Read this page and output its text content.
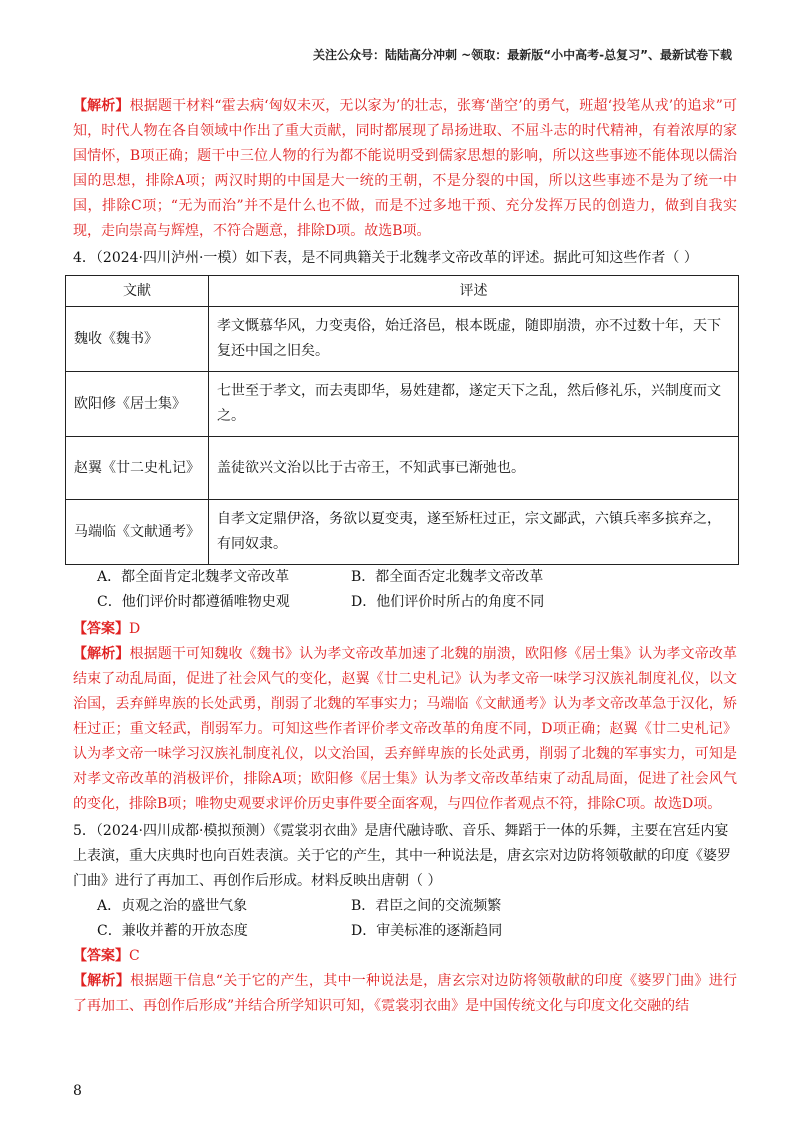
关注公众号：陆陆高分冲刺 ~领取：最新版“小中高考-总复习”、最新试卷下载

【解析】根据题干材料“霍去病‘匈奴未灭，无以家为’的壮志，张骞‘凿空’的勇气，班超‘投笔从戎’的追求”可知，时代人物在各自领域中作出了重大贡献，同时都展现了昂扬进取、不屈斗志的时代精神，有着浓厚的家国情怀，B项正确；题干中三位人物的行为都不能说明受到儒家思想的影响，所以这些事迹不能体现以儒治国的思想，排除A项；两汉时期的中国是大一统的王朝，不是分裂的中国，所以这些事迹不是为了统一中国，排除C项；“无为而治”并不是什么也不做，而是不过多地干预、充分发挥万民的创造力，做到自我实现，走向崇高与辉煌，不符合题意，排除D项。故选B项。

4．（2024·四川泸州·一模）如下表，是不同典籍关于北魏孝文帝改革的评述。据此可知这些作者（ ）

文献	评述
魏收《魏书》	孝文慨慕华风，力变夷俗，始迁洛邑，根本既虚，随即崩溃，亦不过数十年，天下复还中国之旧矣。
欧阳修《居士集》	七世至于孝文，而去夷即华，易姓建都，遂定天下之乱，然后修礼乐，兴制度而文之。
赵翼《廿二史札记》	盖徒欲兴文治以比于古帝王，不知武事已渐弛也。
马端临《文献通考》	自孝文定鼎伊洛，务欲以夏变夷，遂至矫枉过正，宗文鄙武，六镇兵率多摈弃之，有同奴隶。
A．都全面肯定北魏孝文帝改革	B．都全面否定北魏孝文帝改革
C．他们评价时都遵循唯物史观	D．他们评价时所占的角度不同

【答案】D

【解析】根据题干可知魏收《魏书》认为孝文帝改革加速了北魏的崩溃，欧阳修《居士集》认为孝文帝改革结束了动乱局面，促进了社会风气的变化，赵翼《廿二史札记》认为孝文帝一味学习汉族礼制度礼仪，以文治国，丢弃鲜卑族的长处武勇，削弱了北魏的军事实力；马端临《文献通考》认为孝文帝改革急于汉化，矫枉过正；重文轻武，削弱军力。可知这些作者评价孝文帝改革的角度不同，D项正确；赵翼《廿二史札记》认为孝文帝一味学习汉族礼制度礼仪，以文治国，丢弃鲜卑族的长处武勇，削弱了北魏的军事实力，可知是对孝文帝改革的消极评价，排除A项；欧阳修《居士集》认为孝文帝改革结束了动乱局面，促进了社会风气的变化，排除B项；唯物史观要求评价历史事件要全面客观，与四位作者观点不符，排除C项。故选D项。

5．（2024·四川成都·模拟预测）《霓裳羽衣曲》是唐代融诗歌、音乐、舞蹈于一体的乐舞，主要在宫廷内宴上表演，重大庆典时也向百姓表演。关于它的产生，其中一种说法是，唐玄宗对边防将领敬献的印度《婆罗门曲》进行了再加工、再创作后形成。材料反映出唐朝（ ）

A．贞观之治的盛世气象	B．君臣之间的交流频繁
C．兼收并蓄的开放态度	D．审美标准的逐渐趋同

【答案】C

【解析】根据题干信息“关于它的产生，其中一种说法是，唐玄宗对边防将领敬献的印度《婆罗门曲》进行了再加工、再创作后形成”并结合所学知识可知，《霓裳羽衣曲》是中国传统文化与印度文化交融的结

8
